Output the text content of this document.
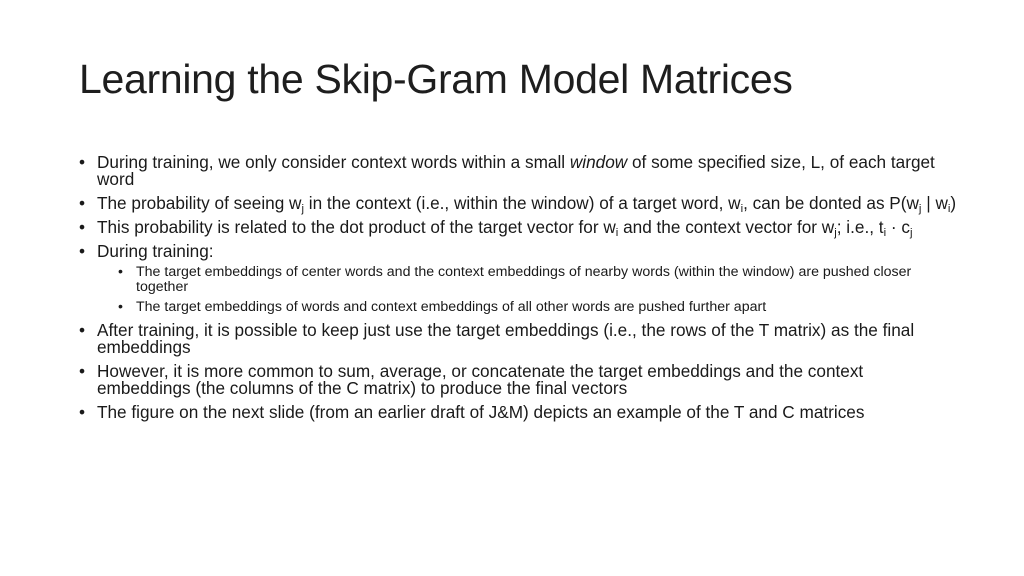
Learning the Skip-Gram Model Matrices
• During training, we only consider context words within a small window of some specified size, L, of each target word
• The probability of seeing $w_j$ in the context (i.e., within the window) of a target word, $w_i$, can be donted as $P(w_j$ | $w_i$)
• This probability is related to the dot product of the target vector for $w_i$ and the context vector for $w_j$; i.e., $t_i \cdot c_j$
• During training:
• The target embeddings of center words and the context embeddings of nearby words (within the window) are pushed closer together
• The target embeddings of words and context embeddings of all other words are pushed further apart
• After training, it is possible to keep just use the target embeddings (i.e., the rows of the T matrix) as the final embeddings
• However, it is more common to sum, average, or concatenate the target embeddings and the context embeddings (the columns of the C matrix) to produce the final vectors
• The figure on the next slide (from an earlier draft of J&M) depicts an example of the T and C matrices
